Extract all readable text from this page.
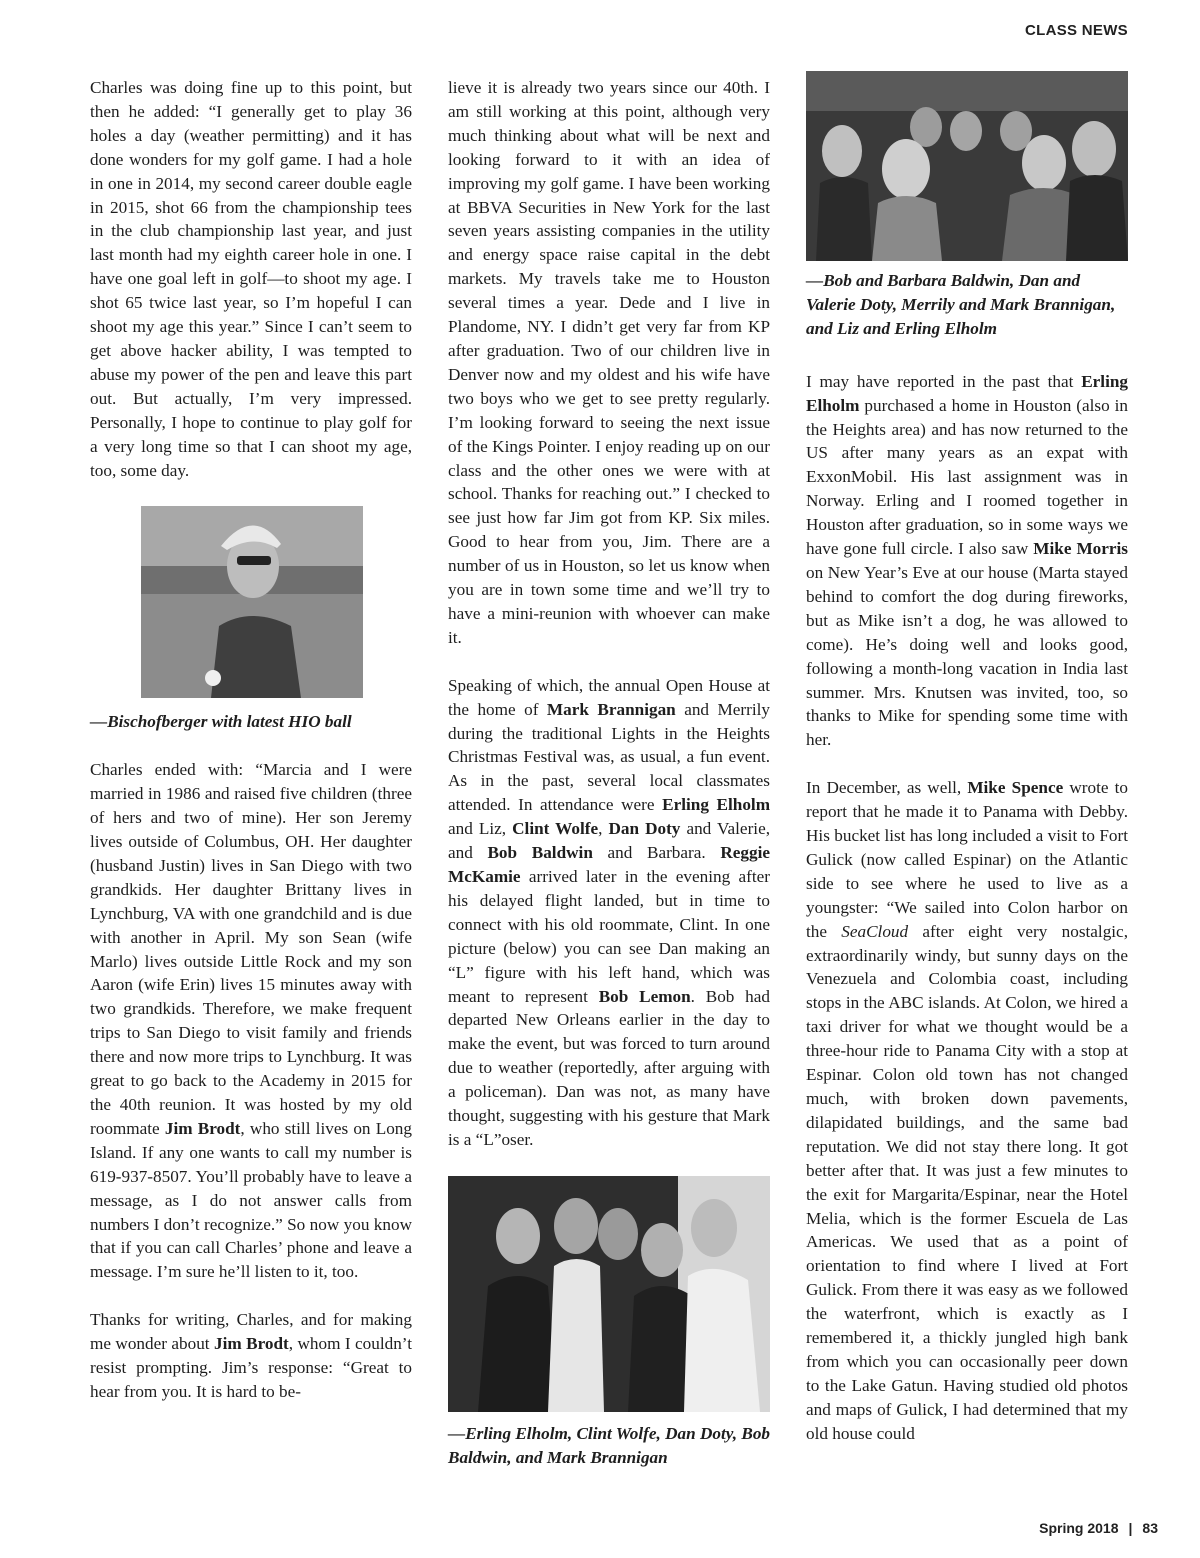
CLASS NEWS

Charles was doing fine up to this point, but then he added: “I generally get to play 36 holes a day (weather permitting) and it has done wonders for my golf game. I had a hole in one in 2014, my second career double eagle in 2015, shot 66 from the championship tees in the club championship last year, and just last month had my eighth career hole in one. I have one goal left in golf—to shoot my age. I shot 65 twice last year, so I’m hopeful I can shoot my age this year.” Since I can’t seem to get above hacker ability, I was tempted to abuse my power of the pen and leave this part out. But actually, I’m very impressed. Personally, I hope to continue to play golf for a very long time so that I can shoot my age, too, some day.

—Bischofberger with latest HIO ball

Charles ended with: “Marcia and I were married in 1986 and raised five children (three of hers and two of mine). Her son Jeremy lives outside of Columbus, OH. Her daughter (husband Justin) lives in San Diego with two grandkids. Her daughter Brittany lives in Lynchburg, VA with one grandchild and is due with another in April. My son Sean (wife Marlo) lives outside Little Rock and my son Aaron (wife Erin) lives 15 minutes away with two grandkids. Therefore, we make frequent trips to San Diego to visit family and friends there and now more trips to Lynchburg. It was great to go back to the Academy in 2015 for the 40th reunion. It was hosted by my old roommate Jim Brodt, who still lives on Long Island. If any one wants to call my number is 619-937-8507. You’ll probably have to leave a message, as I do not answer calls from numbers I don’t recognize.” So now you know that if you can call Charles’ phone and leave a message. I’m sure he’ll listen to it, too.

Thanks for writing, Charles, and for making me wonder about Jim Brodt, whom I couldn’t resist prompting. Jim’s response: “Great to hear from you. It is hard to be-

lieve it is already two years since our 40th. I am still working at this point, although very much thinking about what will be next and looking forward to it with an idea of improving my golf game. I have been working at BBVA Securities in New York for the last seven years assisting companies in the utility and energy space raise capital in the debt markets. My travels take me to Houston several times a year. Dede and I live in Plandome, NY. I didn’t get very far from KP after graduation. Two of our children live in Denver now and my oldest and his wife have two boys who we get to see pretty regularly. I’m looking forward to seeing the next issue of the Kings Pointer. I enjoy reading up on our class and the other ones we were with at school. Thanks for reaching out.” I checked to see just how far Jim got from KP. Six miles. Good to hear from you, Jim. There are a number of us in Houston, so let us know when you are in town some time and we’ll try to have a mini-reunion with whoever can make it.

Speaking of which, the annual Open House at the home of Mark Brannigan and Merrily during the traditional Lights in the Heights Christmas Festival was, as usual, a fun event. As in the past, several local classmates attended. In attendance were Erling Elholm and Liz, Clint Wolfe, Dan Doty and Valerie, and Bob Baldwin and Barbara. Reggie McKamie arrived later in the evening after his delayed flight landed, but in time to connect with his old roommate, Clint. In one picture (below) you can see Dan making an “L” figure with his left hand, which was meant to represent Bob Lemon. Bob had departed New Orleans earlier in the day to make the event, but was forced to turn around due to weather (reportedly, after arguing with a policeman). Dan was not, as many have thought, suggesting with his gesture that Mark is a “L”oser.

—Erling Elholm, Clint Wolfe, Dan Doty, Bob Baldwin, and Mark Brannigan
—Bob and Barbara Baldwin, Dan and Valerie Doty, Merrily and Mark Brannigan, and Liz and Erling Elholm

I may have reported in the past that Erling Elholm purchased a home in Houston (also in the Heights area) and has now returned to the US after many years as an expat with ExxonMobil. His last assignment was in Norway. Erling and I roomed together in Houston after graduation, so in some ways we have gone full circle. I also saw Mike Morris on New Year’s Eve at our house (Marta stayed behind to comfort the dog during fireworks, but as Mike isn’t a dog, he was allowed to come). He’s doing well and looks good, following a month-long vacation in India last summer. Mrs. Knutsen was invited, too, so thanks to Mike for spending some time with her.

In December, as well, Mike Spence wrote to report that he made it to Panama with Debby. His bucket list has long included a visit to Fort Gulick (now called Espinar) on the Atlantic side to see where he used to live as a youngster: “We sailed into Colon harbor on the SeaCloud after eight very nostalgic, extraordinarily windy, but sunny days on the Venezuela and Colombia coast, including stops in the ABC islands. At Colon, we hired a taxi driver for what we thought would be a three-hour ride to Panama City with a stop at Espinar. Colon old town has not changed much, with broken down pavements, dilapidated buildings, and the same bad reputation. We did not stay there long. It got better after that. It was just a few minutes to the exit for Margarita/Espinar, near the Hotel Melia, which is the former Escuela de Las Americas. We used that as a point of orientation to find where I lived at Fort Gulick. From there it was easy as we followed the waterfront, which is exactly as I remembered it, a thickly jungled high bank from which you can occasionally peer down to the Lake Gatun. Having studied old photos and maps of Gulick, I had determined that my old house could

Spring 2018 | 83
